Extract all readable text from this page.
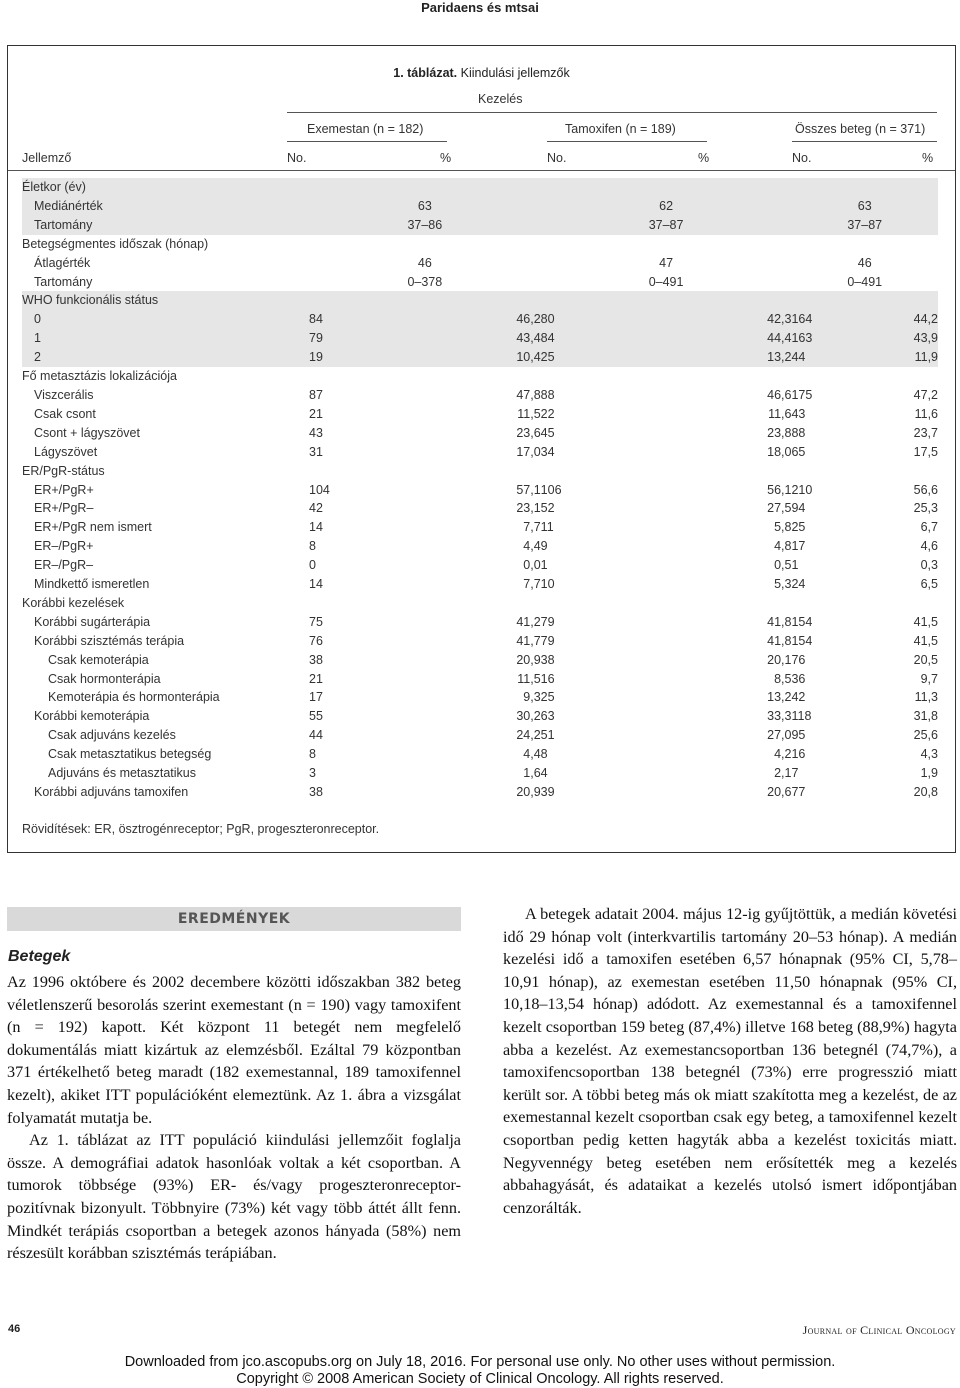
Paridaens és mtsai
1. táblázat. Kiindulási jellemzők
Kezelés
Exemestan (n = 182)	Tamoxifen (n = 189)	Összes beteg (n = 371)
Jellemző	No.	%	No.	%	No.	%
Életkor (év)						
Mediánérték	63		62		63	
Tartomány	37–86		37–87		37–87	
Betegségmentes időszak (hónap)						
Átlagérték	46		47		46	
Tartomány	0–378		0–491		0–491	
WHO funkcionális státus						
0	84	46,2	80	42,3	164	44,2
1	79	43,4	84	44,4	163	43,9
2	19	10,4	25	13,2	44	11,9
Fő metasztázis lokalizációja						
Viszcerális	87	47,8	88	46,6	175	47,2
Csak csont	21	11,5	22	11,6	43	11,6
Csont + lágyszövet	43	23,6	45	23,8	88	23,7
Lágyszövet	31	17,0	34	18,0	65	17,5
ER/PgR-státus						
ER+/PgR+	104	57,1	106	56,1	210	56,6
ER+/PgR–	42	23,1	52	27,5	94	25,3
ER+/PgR nem ismert	14	7,7	11	5,8	25	6,7
ER–/PgR+	8	4,4	9	4,8	17	4,6
ER–/PgR–	0	0,0	1	0,5	1	0,3
Mindkettő ismeretlen	14	7,7	10	5,3	24	6,5
Korábbi kezelések						
Korábbi sugárterápia	75	41,2	79	41,8	154	41,5
Korábbi szisztémás terápia	76	41,7	79	41,8	154	41,5
Csak kemoterápia	38	20,9	38	20,1	76	20,5
Csak hormonterápia	21	11,5	16	8,5	36	9,7
Kemoterápia és hormonterápia	17	9,3	25	13,2	42	11,3
Korábbi kemoterápia	55	30,2	63	33,3	118	31,8
Csak adjuváns kezelés	44	24,2	51	27,0	95	25,6
Csak metasztatikus betegség	8	4,4	8	4,2	16	4,3
Adjuváns és metasztatikus	3	1,6	4	2,1	7	1,9
Korábbi adjuváns tamoxifen	38	20,9	39	20,6	77	20,8
Rövidítések: ER, ösztrogénreceptor; PgR, progeszteronreceptor.
EREDMÉNYEK
Betegek

Az 1996 októbere és 2002 decembere közötti időszakban 382 beteg véletlenszerű besorolás szerint exemestant (n = 190) vagy tamoxifent (n = 192) kapott. Két központ 11 betegét nem megfelelő dokumentálás miatt kizártuk az elemzésből. Ezáltal 79 központban 371 értékelhető beteg maradt (182 exemestannal, 189 tamoxifennel kezelt), akiket ITT populációként elemeztünk. Az 1. ábra a vizsgálat folyamatát mutatja be.

Az 1. táblázat az ITT populáció kiindulási jellemzőit foglalja össze. A demográfiai adatok hasonlóak voltak a két csoportban. A tumorok többsége (93%) ER- és/vagy progeszteronreceptor-pozitívnak bizonyult. Többnyire (73%) két vagy több áttét állt fenn. Mindkét terápiás csoportban a betegek azonos hányada (58%) nem részesült korábban szisztémás terápiában.

A betegek adatait 2004. május 12-ig gyűjtöttük, a medián követési idő 29 hónap volt (interkvartilis tartomány 20–53 hónap). A medián kezelési idő a tamoxifen esetében 6,57 hónapnak (95% CI, 5,78–10,91 hónap), az exemestan esetében 11,50 hónapnak (95% CI, 10,18–13,54 hónap) adódott. Az exemestannal és a tamoxifennel kezelt csoportban 159 beteg (87,4%) illetve 168 beteg (88,9%) hagyta abba a kezelést. Az exemestancsoportban 136 betegnél (74,7%), a tamoxifencsoportban 138 betegnél (73%) erre progresszió miatt került sor. A többi beteg más ok miatt szakította meg a kezelést, de az exemestannal kezelt csoportban csak egy beteg, a tamoxifennel kezelt csoportban pedig ketten hagyták abba a kezelést toxicitás miatt. Negyvennégy beteg esetében nem erősítették meg a kezelés abbahagyását, és adataikat a kezelés utolsó ismert időpontjában cenzorálták.

46	Journal of Clinical Oncology
Downloaded from jco.ascopubs.org on July 18, 2016. For personal use only. No other uses without permission.
Copyright © 2008 American Society of Clinical Oncology. All rights reserved.
